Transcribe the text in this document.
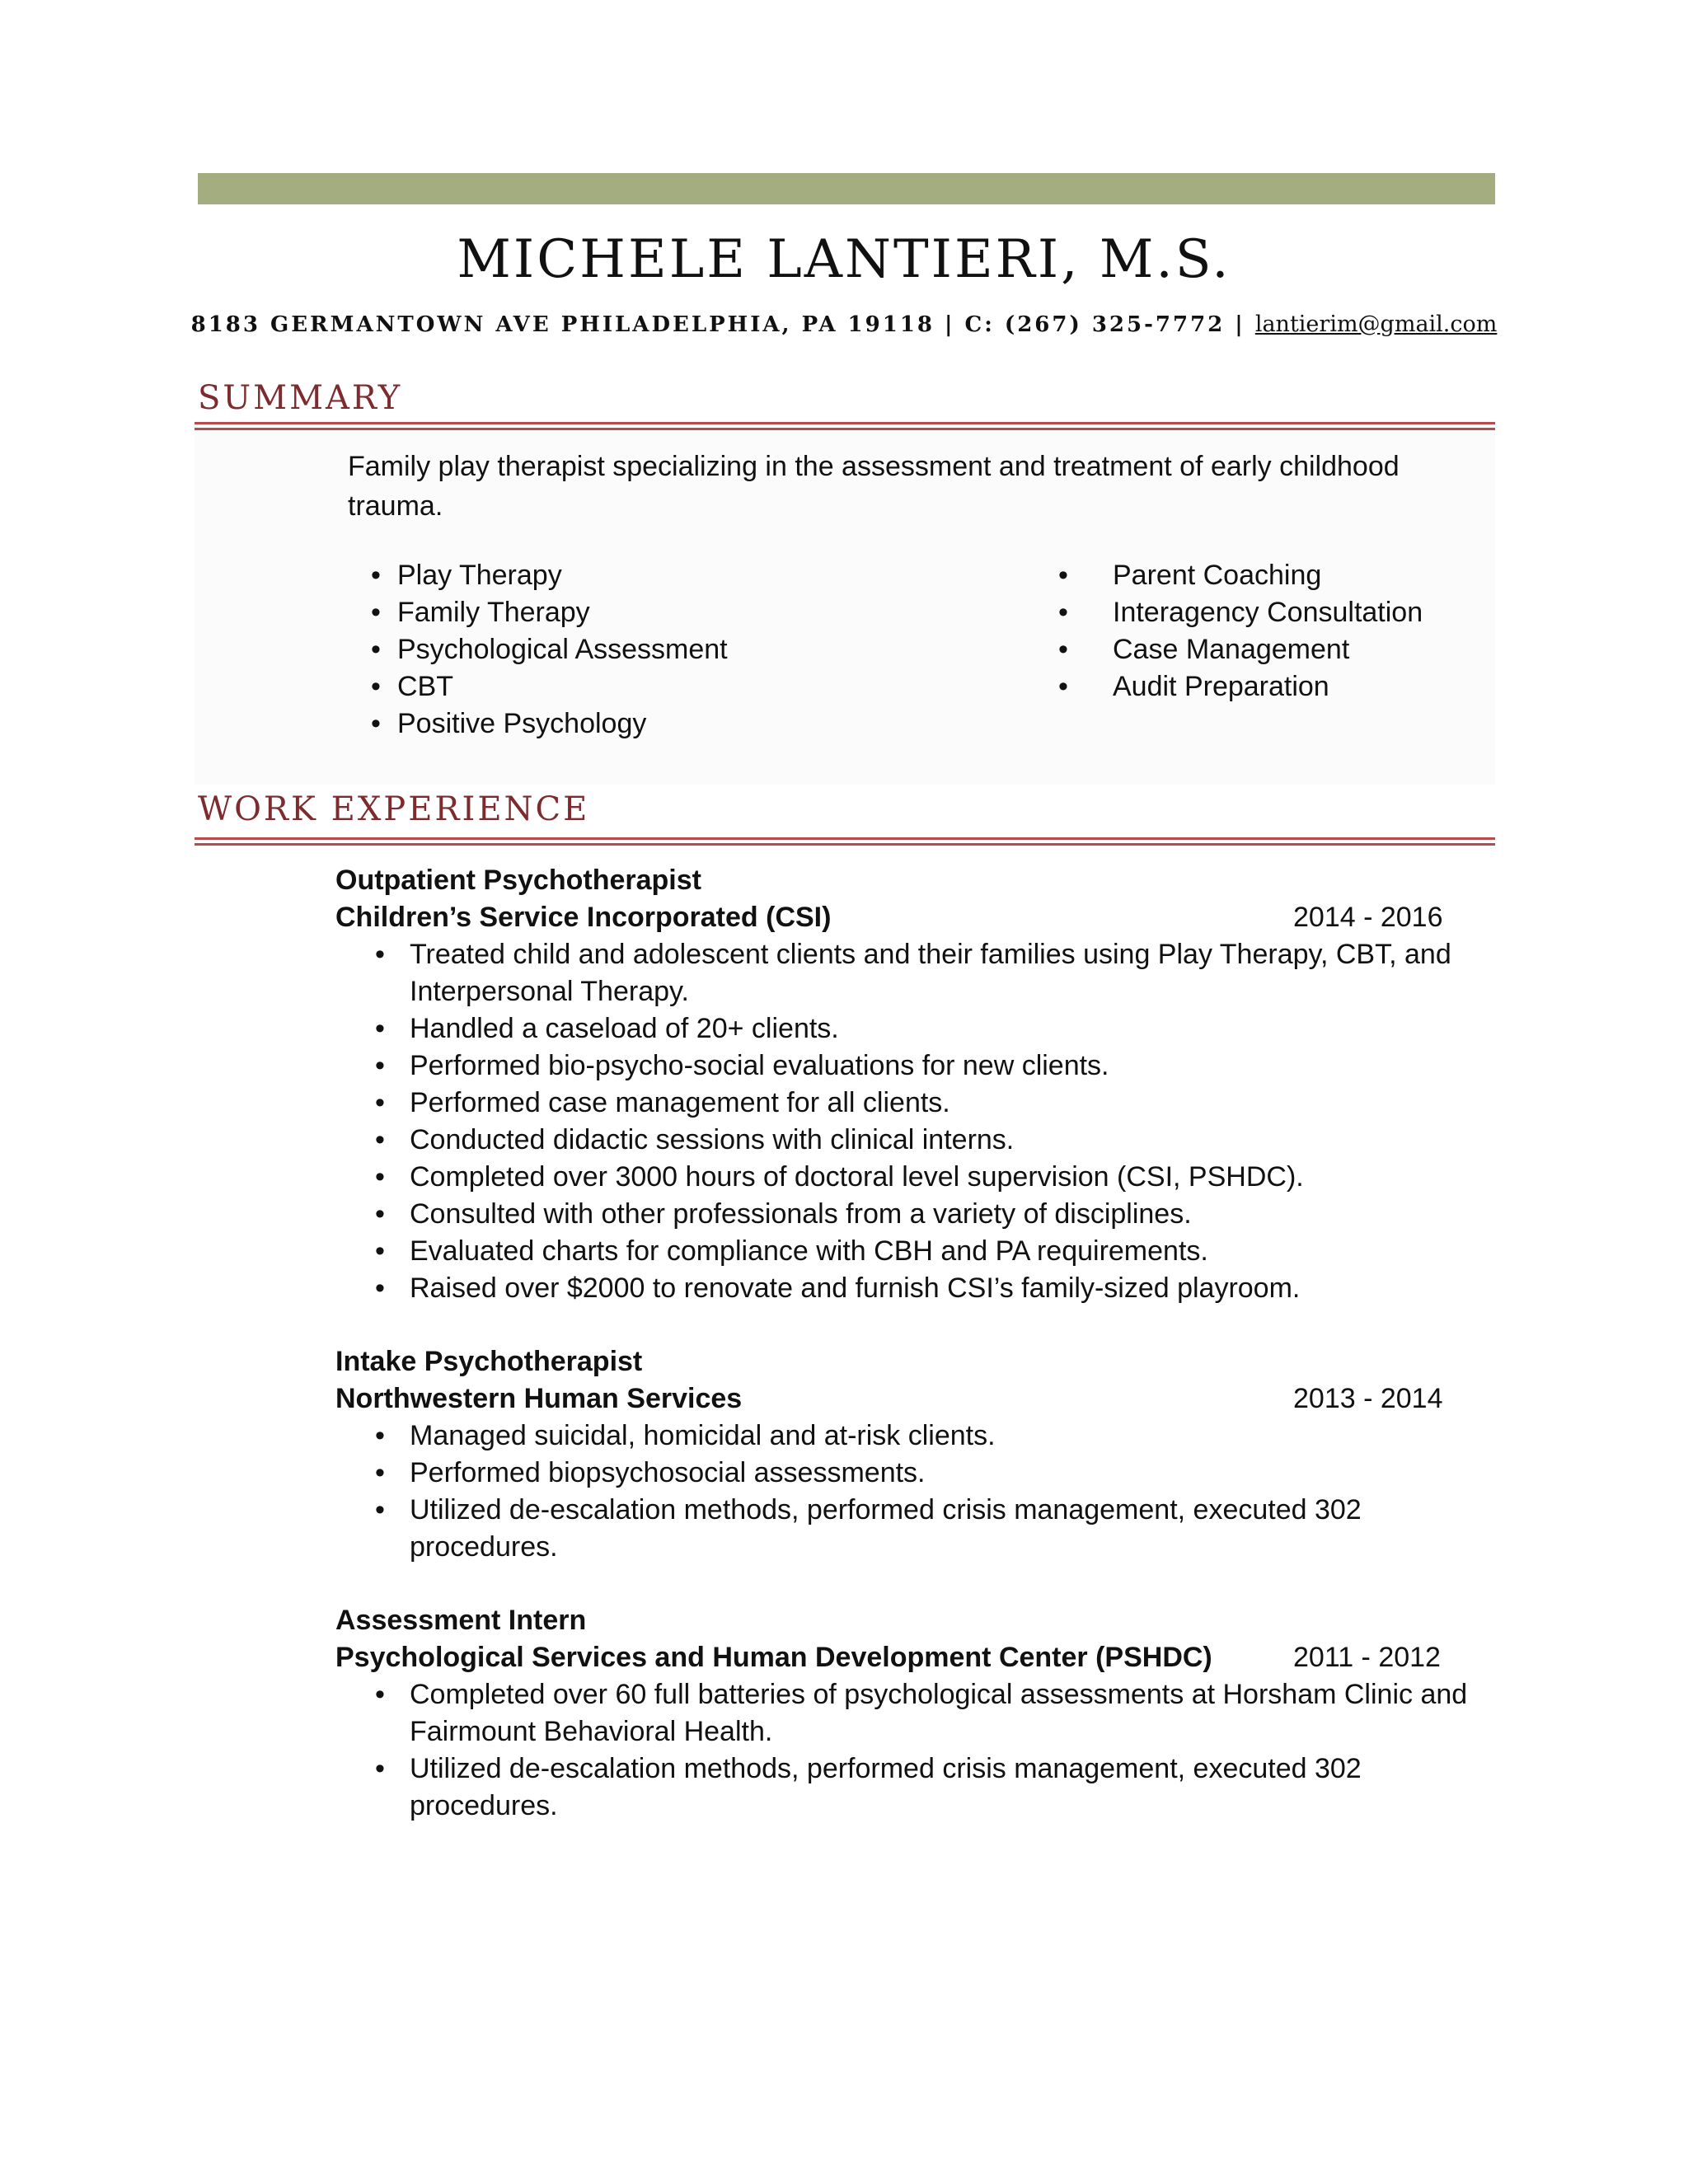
MICHELE LANTIERI, M.S.
8183 GERMANTOWN AVE PHILADELPHIA, PA 19118 | C: (267) 325-7772 | lantierim@gmail.com
SUMMARY
Family play therapist specializing in the assessment and treatment of early childhood trauma.
• Play Therapy
• Family Therapy
• Psychological Assessment
• CBT
• Positive Psychology
• Parent Coaching
• Interagency Consultation
• Case Management
• Audit Preparation
WORK EXPERIENCE
Outpatient Psychotherapist
Children’s Service Incorporated (CSI)	2014 - 2016
• Treated child and adolescent clients and their families using Play Therapy, CBT, and Interpersonal Therapy.
• Handled a caseload of 20+ clients.
• Performed bio-psycho-social evaluations for new clients.
• Performed case management for all clients.
• Conducted didactic sessions with clinical interns.
• Completed over 3000 hours of doctoral level supervision (CSI, PSHDC).
• Consulted with other professionals from a variety of disciplines.
• Evaluated charts for compliance with CBH and PA requirements.
• Raised over $2000 to renovate and furnish CSI’s family-sized playroom.
Intake Psychotherapist
Northwestern Human Services	2013 - 2014
• Managed suicidal, homicidal and at-risk clients.
• Performed biopsychosocial assessments.
• Utilized de-escalation methods, performed crisis management, executed 302 procedures.
Assessment Intern
Psychological Services and Human Development Center (PSHDC)	2011 - 2012
• Completed over 60 full batteries of psychological assessments at Horsham Clinic and Fairmount Behavioral Health.
• Utilized de-escalation methods, performed crisis management, executed 302 procedures.
